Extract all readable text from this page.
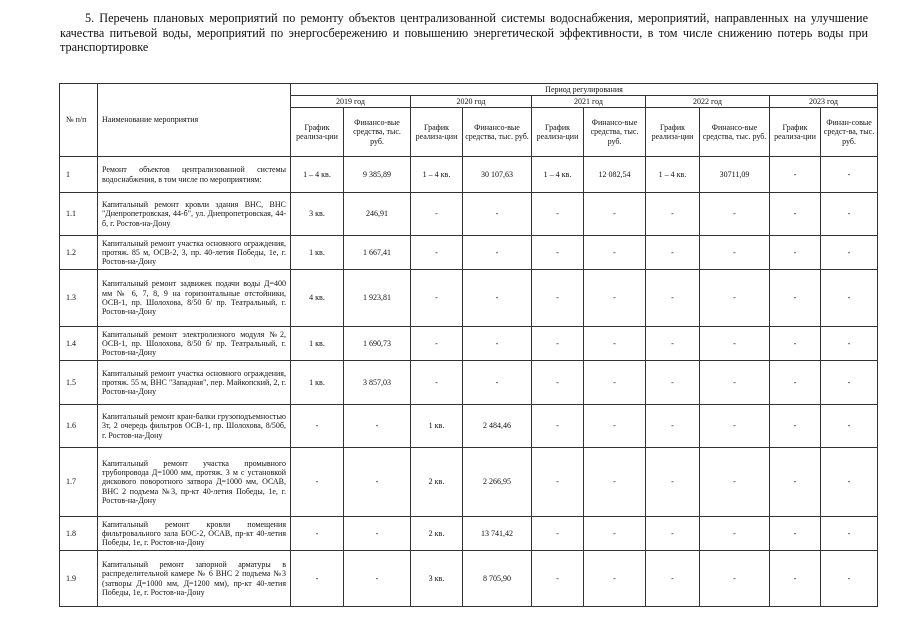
5. Перечень плановых мероприятий по ремонту объектов централизованной системы водоснабжения, мероприятий, направленных на улучшение качества питьевой воды, мероприятий по энергосбережению и повышению энергетической эффективности, в том числе снижению потерь воды при транспортировке
№ п/п	Наименование мероприятия	Период регулирования									
		2019 год		2020 год		2021 год		2022 год		2023 год	
		График реализа-ции	Финансо-вые средства, тыс. руб.	График реализа-ции	Финансо-вые средства, тыс. руб.	График реализа-ции	Финансо-вые средства, тыс. руб.	График реализа-ции	Финансо-вые средства, тыс. руб.	График реализа-ции	Финан-совые средст-ва, тыс. руб.
1	Ремонт объектов централизованной системы водоснабжения, в том числе по мероприятиям:	1 – 4 кв.	9 385,89	1 – 4 кв.	30 107,63	1 – 4 кв.	12 082,54	1 – 4 кв.	30711,09	-	-
1.1	Капитальный ремонт кровли здания ВНС, ВНС "Днепропетровская, 44-б", ул. Днепропетровская, 44-б, г. Ростов-на-Дону	3 кв.	246,91	-	-	-	-	-	-	-	-
1.2	Капитальный ремонт участка основного ограждения, протяж. 85 м, ОСВ-2, 3, пр. 40-летия Победы, 1е, г. Ростов-на-Дону	1 кв.	1 667,41	-	-	-	-	-	-	-	-
1.3	Капитальный ремонт задвижек подачи воды Д=400 мм № 6, 7, 8, 9 на горизонтальные отстойники, ОСВ-1, пр. Шолохова, 8/50 б/ пр. Театральный, г. Ростов-на-Дону	4 кв.	1 923,81	-	-	-	-	-	-	-	-
1.4	Капитальный ремонт электролизного модуля №2, ОСВ-1, пр. Шолохова, 8/50 б/ пр. Театральный, г. Ростов-на-Дону	1 кв.	1 690,73	-	-	-	-	-	-	-	-
1.5	Капитальный ремонт участка основного ограждения, протяж. 55 м, ВНС "Западная", пер. Майкопский, 2, г. Ростов-на-Дону	1 кв.	3 857,03	-	-	-	-	-	-	-	-
1.6	Капитальный ремонт кран-балки грузоподъемностью 3т, 2 очередь фильтров ОСВ-1, пр. Шолохова, 8/50б, г. Ростов-на-Дону	-	-	1 кв.	2 484,46	-	-	-	-	-	-
1.7	Капитальный ремонт участка промывного трубопровода Д=1000 мм, протяж. 3 м с установкой дискового поворотного затвора Д=1000 мм, ОСАВ, ВНС 2 подъема №3, пр-кт 40-летия Победы, 1е, г. Ростов-на-Дону	-	-	2 кв.	2 266,95	-	-	-	-	-	-
1.8	Капитальный ремонт кровли помещения фильтровального зала БОС-2, ОСАВ, пр-кт 40-летия Победы, 1е, г. Ростов-на-Дону	-	-	2 кв.	13 741,42	-	-	-	-	-	-
1.9	Капитальный ремонт запорной арматуры в распределительной камере № 6 ВНС 2 подъема №3 (затворы Д=1000 мм, Д=1200 мм), пр-кт 40-летия Победы, 1е, г. Ростов-на-Дону	-	-	3 кв.	8 705,90	-	-	-	-	-	-
